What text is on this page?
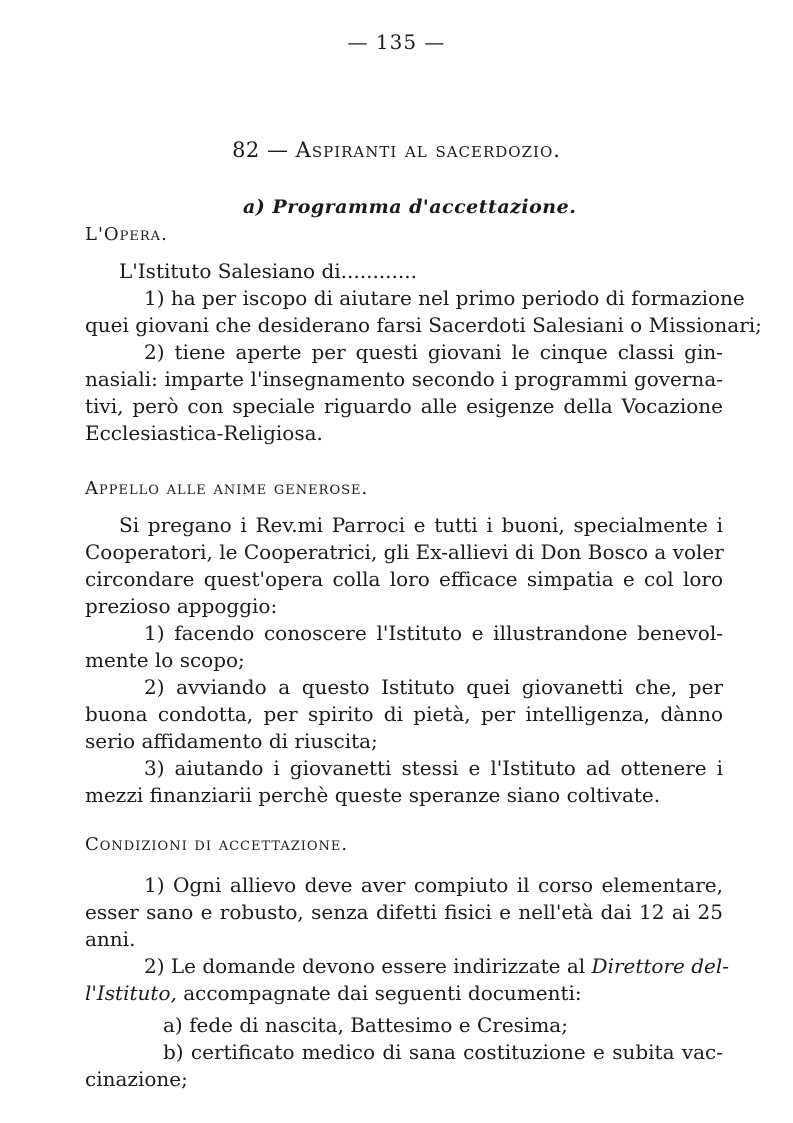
— 135 —
82 — Aspiranti al sacerdozio.
a) Programma d'accettazione.
L'Opera.
L'Istituto Salesiano di............
1) ha per iscopo di aiutare nel primo periodo di formazione
quei giovani che desiderano farsi Sacerdoti Salesiani o Missionari;
2) tiene aperte per questi giovani le cinque classi gin-
nasiali: imparte l'insegnamento secondo i programmi governa-
tivi, però con speciale riguardo alle esigenze della Vocazione
Ecclesiastica-Religiosa.
Appello alle anime generose.
Si pregano i Rev.mi Parroci e tutti i buoni, specialmente i
Cooperatori, le Cooperatrici, gli Ex-allievi di Don Bosco a voler
circondare quest'opera colla loro efficace simpatia e col loro
prezioso appoggio:
1) facendo conoscere l'Istituto e illustrandone benevol-
mente lo scopo;
2) avviando a questo Istituto quei giovanetti che, per
buona condotta, per spirito di pietà, per intelligenza, dànno
serio affidamento di riuscita;
3) aiutando i giovanetti stessi e l'Istituto ad ottenere i
mezzi finanziarii perchè queste speranze siano coltivate.
Condizioni di accettazione.
1) Ogni allievo deve aver compiuto il corso elementare,
esser sano e robusto, senza difetti fisici e nell'età dai 12 ai 25
anni.
2) Le domande devono essere indirizzate al Direttore del-
l'Istituto, accompagnate dai seguenti documenti:
a) fede di nascita, Battesimo e Cresima;
b) certificato medico di sana costituzione e subita vac-
cinazione;
